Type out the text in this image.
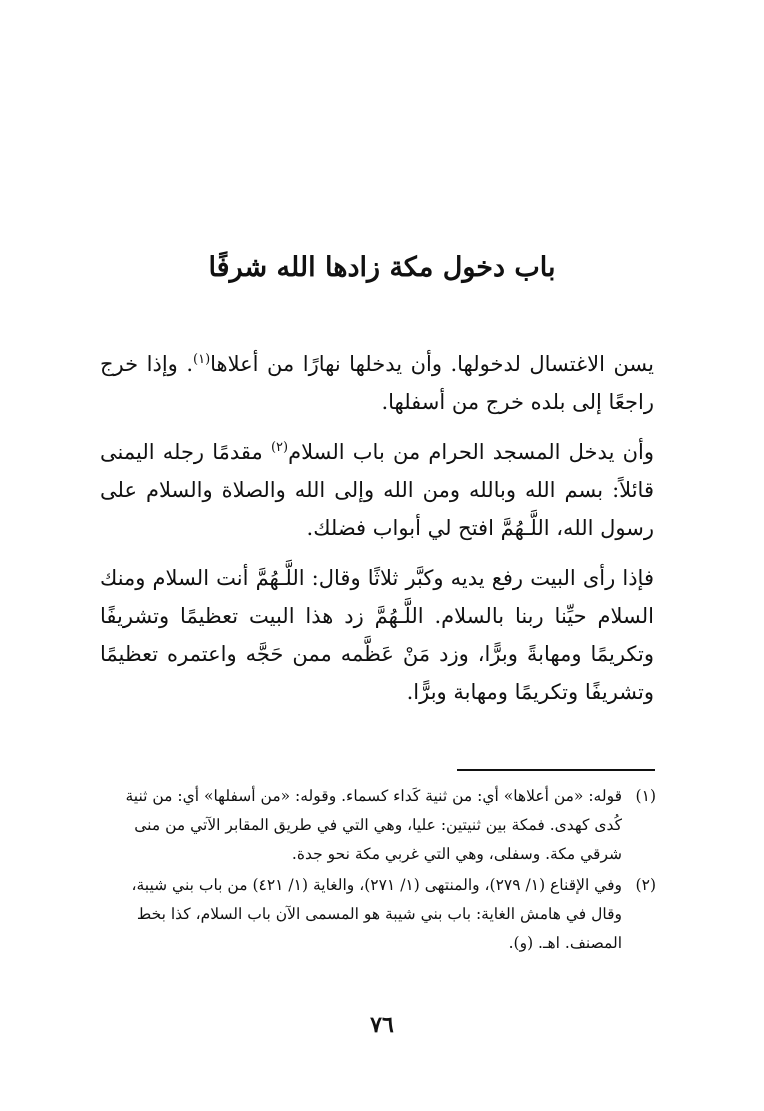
باب دخول مكة زادها الله شرفًا

يسن الاغتسال لدخولها. وأن يدخلها نهارًا من أعلاها$^{(١)}$. وإذا خرج راجعًا إلى بلده خرج من أسفلها.

وأن يدخل المسجد الحرام من باب السلام$^{(٢)}$ مقدمًا رجله اليمنى قائلاً: بسم الله وبالله ومن الله وإلى الله والصلاة والسلام على رسول الله، اللَّـهُمَّ افتح لي أبواب فضلك.

فإذا رأى البيت رفع يديه وكبَّر ثلاثًا وقال: اللَّـهُمَّ أنت السلام ومنك السلام حيِّنا ربنا بالسلام. اللَّـهُمَّ زد هذا البيت تعظيمًا وتشريفًا وتكريمًا ومهابةً وبرًّا، وزد مَنْ عَظَّمه ممن حَجَّه واعتمره تعظيمًا وتشريفًا وتكريمًا ومهابة وبرًّا.

(١)
قوله: «من أعلاها» أي: من ثنية كَداء كسماء. وقوله: «من أسفلها» أي: من ثنية كُدى كهدى. فمكة بين ثنيتين: عليا، وهي التي في طريق المقابر الآتي من منى شرقي مكة. وسفلى، وهي التي غربي مكة نحو جدة.
(٢)
وفي الإقناع (١/ ٢٧٩)، والمنتهى (١/ ٢٧١)، والغاية (١/ ٤٢١) من باب بني شيبة، وقال في هامش الغاية: باب بني شيبة هو المسمى الآن باب السلام، كذا بخط المصنف. اهـ. (و).
٧٦
